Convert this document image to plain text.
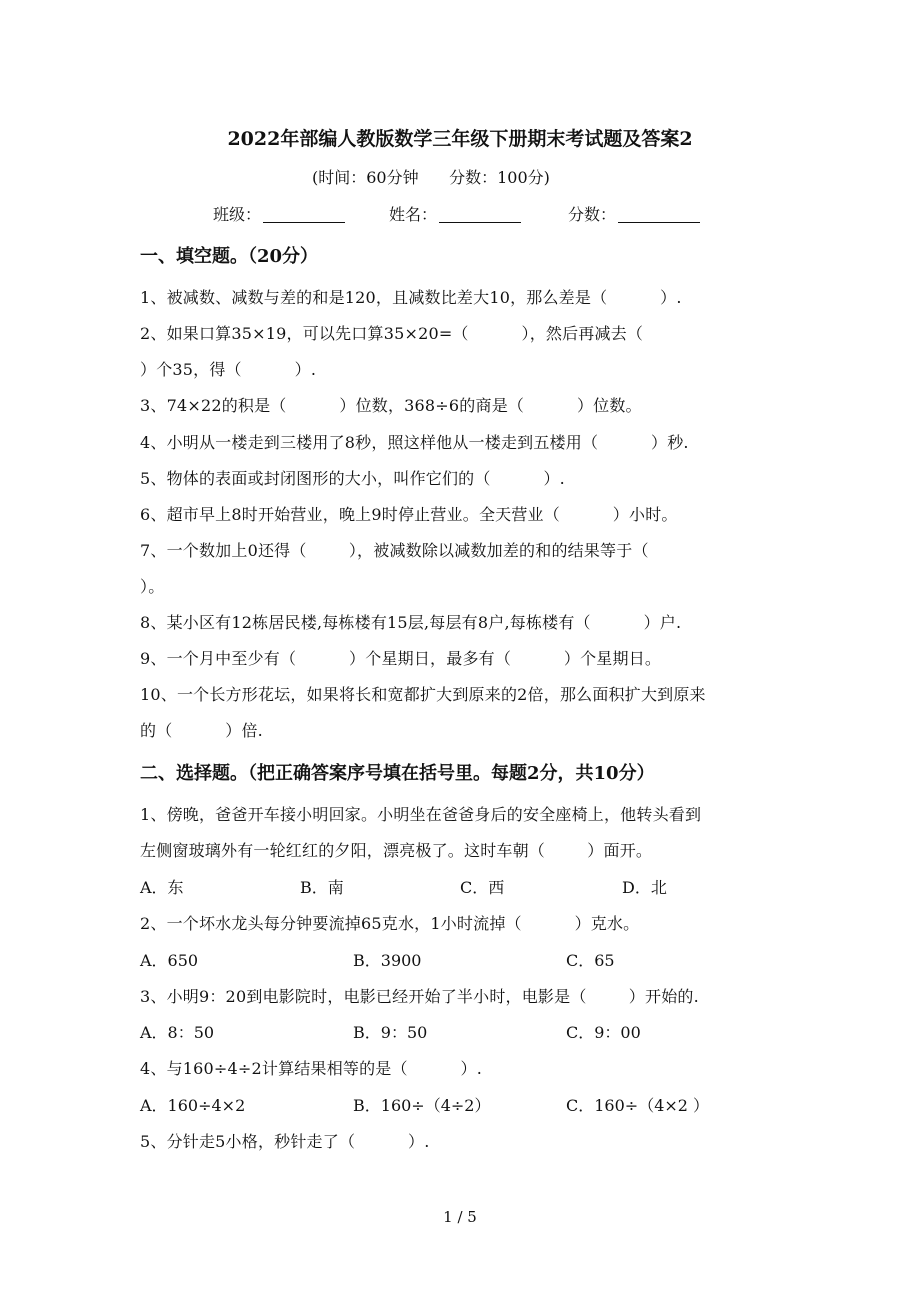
2022年部编人教版数学三年级下册期末考试题及答案2
(时间：60分钟      分数：100分)
班级：	姓名：	分数：
一、填空题。（20分）
1、被减数、减数与差的和是120，且减数比差大10，那么差是（          ）.
2、如果口算35×19，可以先口算35×20=（          ），然后再减去（
）个35，得（          ）.
3、74×22的积是（          ）位数，368÷6的商是（          ）位数。
4、小明从一楼走到三楼用了8秒，照这样他从一楼走到五楼用（          ）秒.
5、物体的表面或封闭图形的大小，叫作它们的（          ）.
6、超市早上8时开始营业，晚上9时停止营业。全天营业（          ）小时。
7、一个数加上0还得（        ），被减数除以减数加差的和的结果等于（
）。
8、某小区有12栋居民楼,每栋楼有15层,每层有8户,每栋楼有（          ）户.
9、一个月中至少有（          ）个星期日，最多有（          ）个星期日。
10、一个长方形花坛，如果将长和宽都扩大到原来的2倍，那么面积扩大到原来
的（          ）倍.
二、选择题。（把正确答案序号填在括号里。每题2分，共10分）
1、傍晚，爸爸开车接小明回家。小明坐在爸爸身后的安全座椅上，他转头看到
左侧窗玻璃外有一轮红红的夕阳，漂亮极了。这时车朝（        ）面开。
A．东	B．南	C．西	D．北
2、一个坏水龙头每分钟要流掉65克水，1小时流掉（          ）克水。
A．650	B．3900	C．65
3、小明9：20到电影院时，电影已经开始了半小时，电影是（        ）开始的.
A．8：50	B．9：50	C．9：00
4、与160÷4÷2计算结果相等的是（          ）.
A．160÷4×2	B．160÷（4÷2）	C．160÷（4×2 ）
5、分针走5小格，秒针走了（          ）.
1 / 5
